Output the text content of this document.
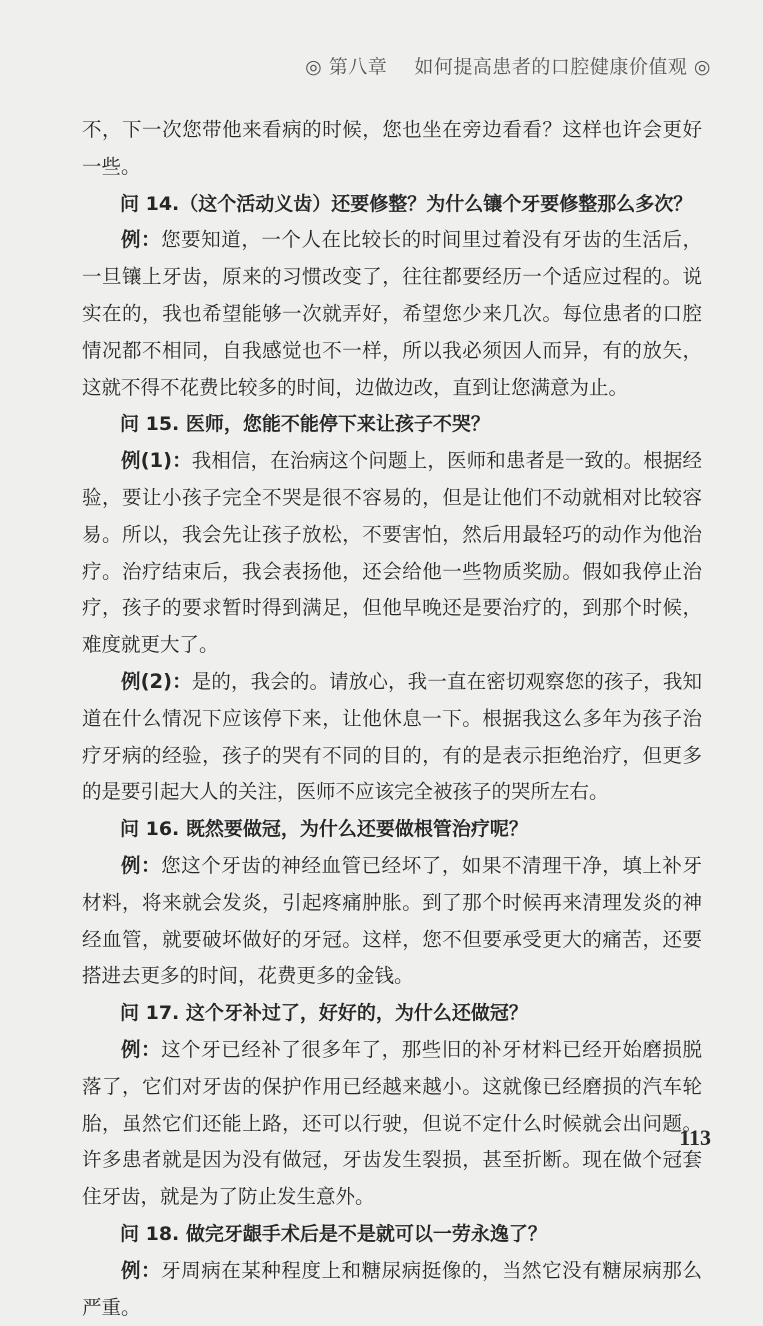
◎ 第八章 如何提高患者的口腔健康价值观 ◎

不，下一次您带他来看病的时候，您也坐在旁边看看？这样也许会更好一些。

问 14.（这个活动义齿）还要修整？为什么镶个牙要修整那么多次？

例：您要知道，一个人在比较长的时间里过着没有牙齿的生活后，一旦镶上牙齿，原来的习惯改变了，往往都要经历一个适应过程的。说实在的，我也希望能够一次就弄好，希望您少来几次。每位患者的口腔情况都不相同，自我感觉也不一样，所以我必须因人而异，有的放矢，这就不得不花费比较多的时间，边做边改，直到让您满意为止。

问 15. 医师，您能不能停下来让孩子不哭？

例(1)：我相信，在治病这个问题上，医师和患者是一致的。根据经验，要让小孩子完全不哭是很不容易的，但是让他们不动就相对比较容易。所以，我会先让孩子放松，不要害怕，然后用最轻巧的动作为他治疗。治疗结束后，我会表扬他，还会给他一些物质奖励。假如我停止治疗，孩子的要求暂时得到满足，但他早晚还是要治疗的，到那个时候，难度就更大了。

例(2)：是的，我会的。请放心，我一直在密切观察您的孩子，我知道在什么情况下应该停下来，让他休息一下。根据我这么多年为孩子治疗牙病的经验，孩子的哭有不同的目的，有的是表示拒绝治疗，但更多的是要引起大人的关注，医师不应该完全被孩子的哭所左右。

问 16. 既然要做冠，为什么还要做根管治疗呢？

例：您这个牙齿的神经血管已经坏了，如果不清理干净，填上补牙材料，将来就会发炎，引起疼痛肿胀。到了那个时候再来清理发炎的神经血管，就要破坏做好的牙冠。这样，您不但要承受更大的痛苦，还要搭进去更多的时间，花费更多的金钱。

问 17. 这个牙补过了，好好的，为什么还做冠？

例：这个牙已经补了很多年了，那些旧的补牙材料已经开始磨损脱落了，它们对牙齿的保护作用已经越来越小。这就像已经磨损的汽车轮胎，虽然它们还能上路，还可以行驶，但说不定什么时候就会出问题。许多患者就是因为没有做冠，牙齿发生裂损，甚至折断。现在做个冠套住牙齿，就是为了防止发生意外。

问 18. 做完牙龈手术后是不是就可以一劳永逸了？

例：牙周病在某种程度上和糖尿病挺像的，当然它没有糖尿病那么严重。

113
